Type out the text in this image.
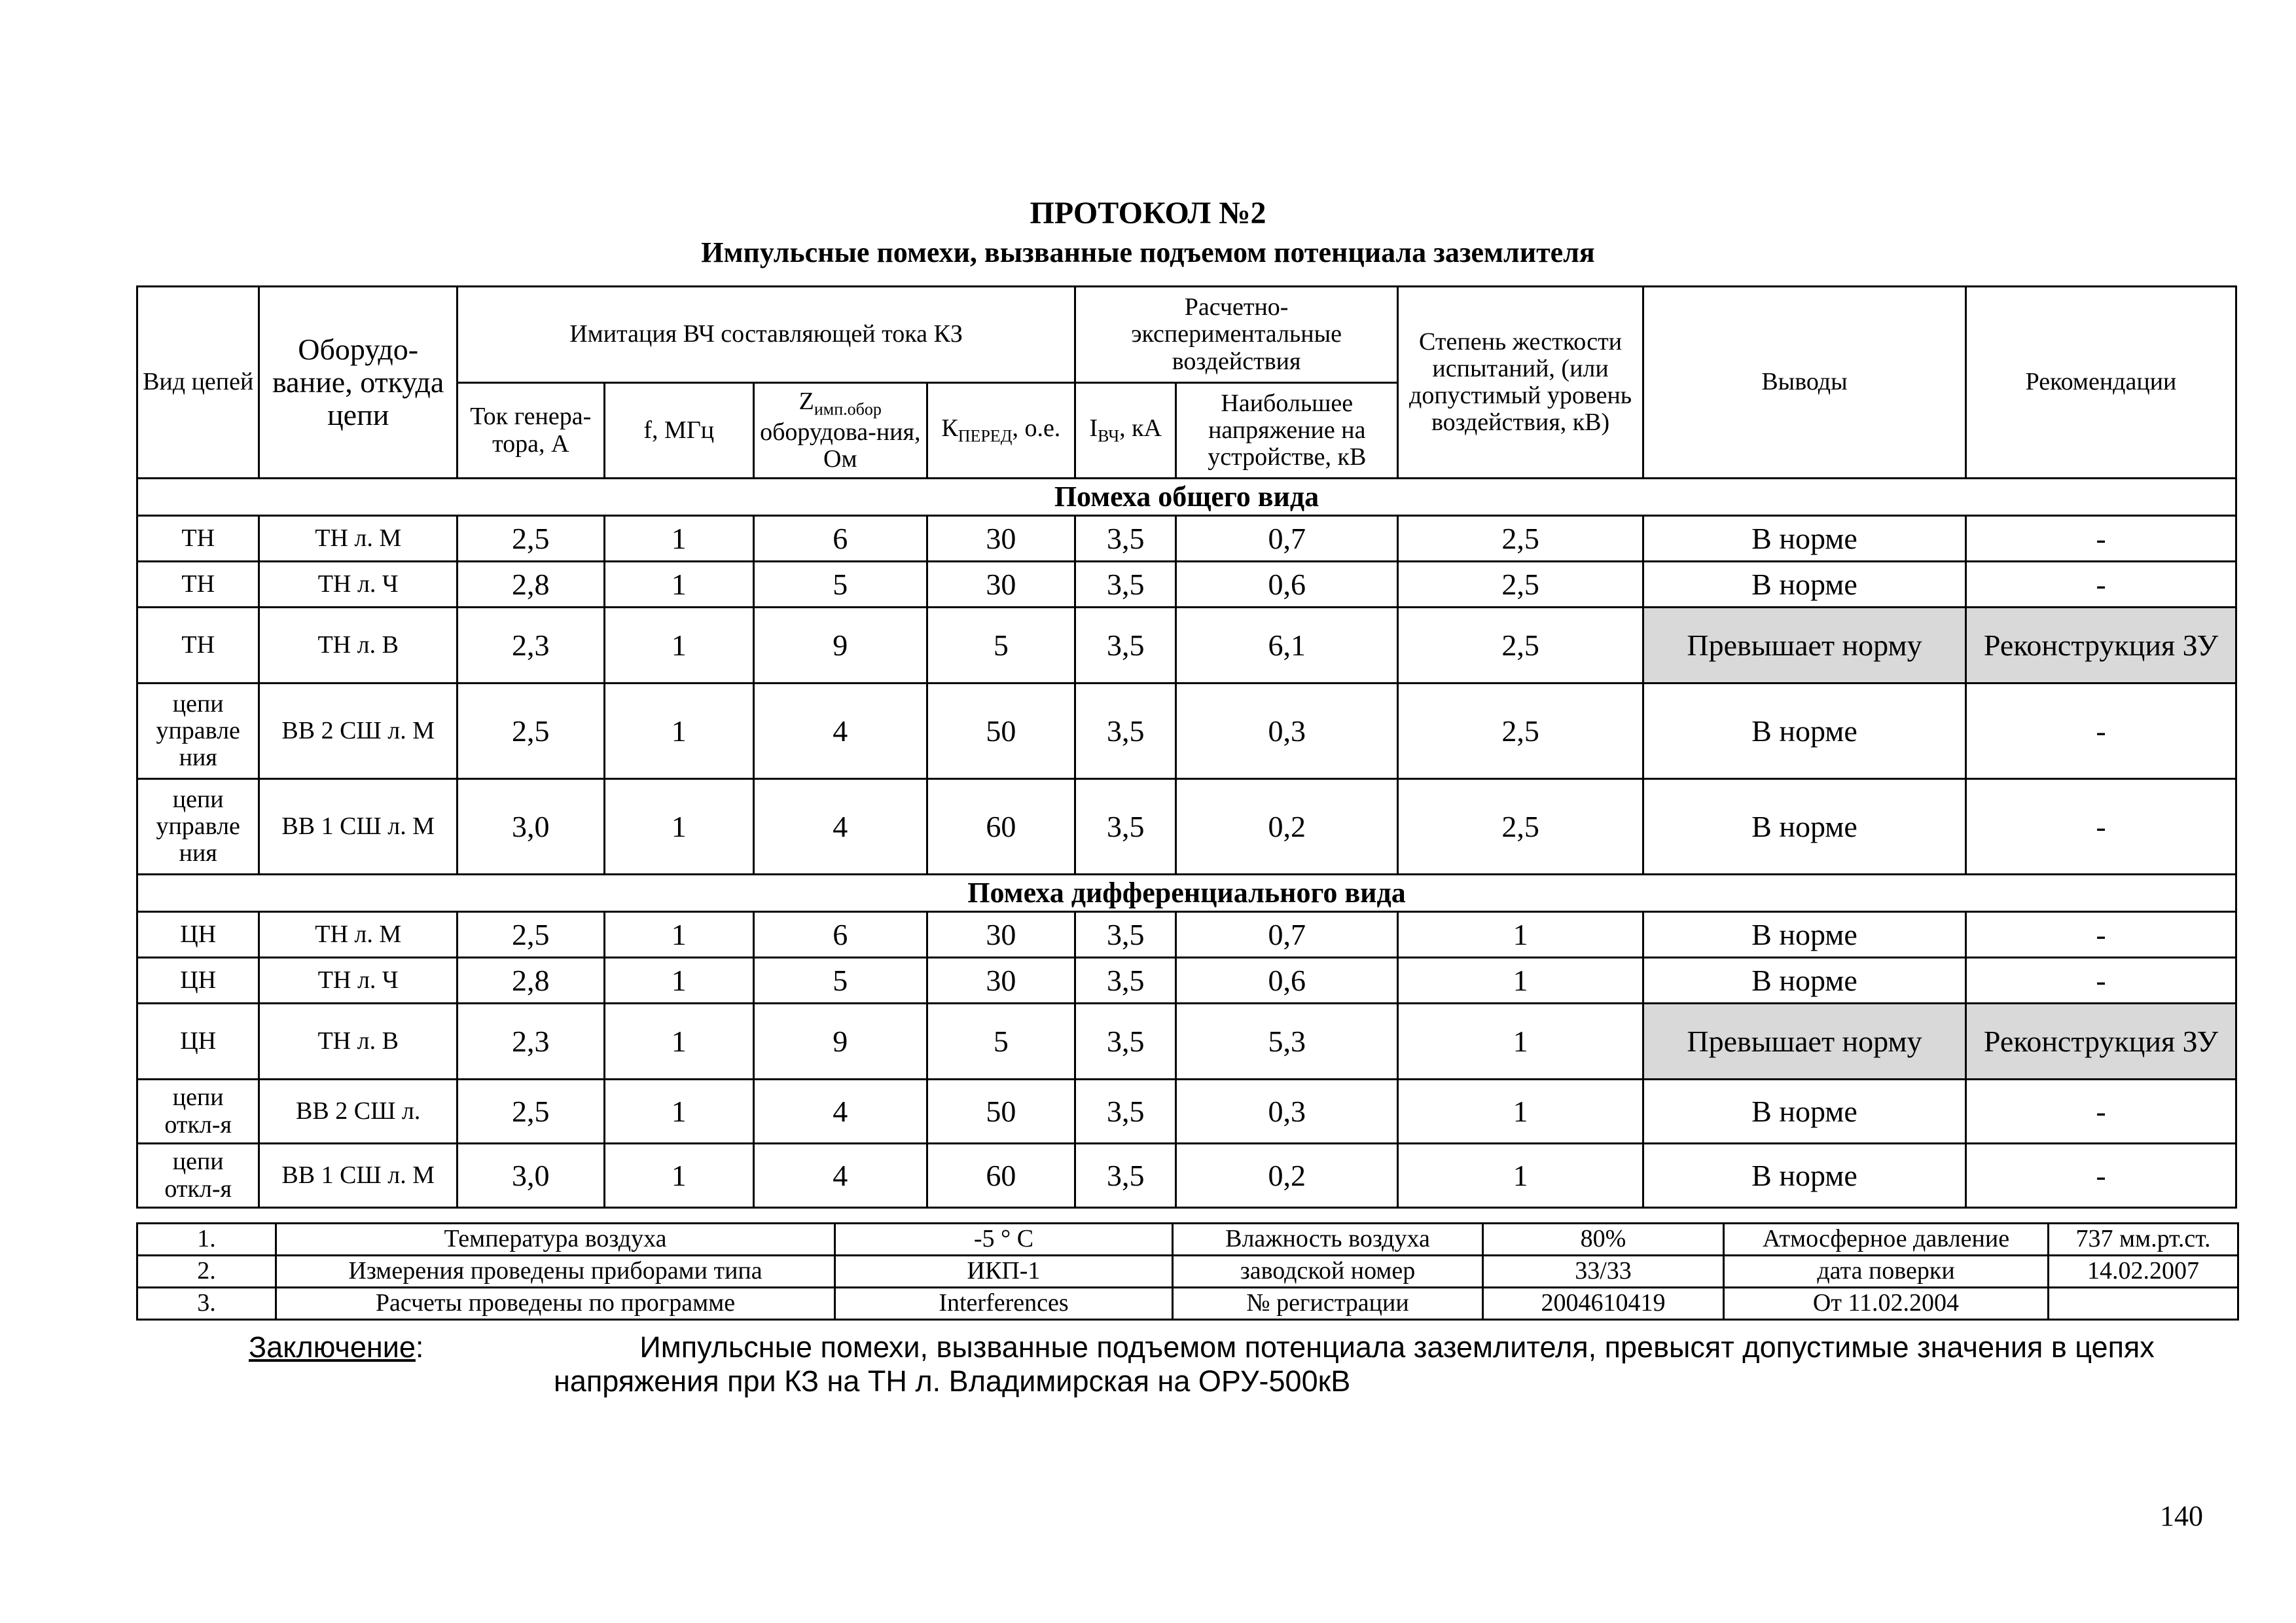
ПРОТОКОЛ №2
Импульсные помехи, вызванные подъемом потенциала заземлителя
Вид цепей	Оборудо-вание, откуда цепи	Имитация ВЧ составляющей тока КЗ				Расчетно-экспериментальные воздействия		Степень жесткости испытаний, (или допустимый уровень воздействия, кВ)	Выводы	Рекомендации
		Ток генера-тора, А	f, МГц	$Z_{имп.обор}$
оборудова-ния, Ом	$К_{ПЕРЕД}$, о.е.	$I_{ВЧ}$, кА	Наибольшее напряжение на устройстве, кВ			
Помеха общего вида										
ТН	ТН л. М	2,5	1	6	30	3,5	0,7	2,5	В норме	-
ТН	ТН л. Ч	2,8	1	5	30	3,5	0,6	2,5	В норме	-
ТН	ТН л. В	2,3	1	9	5	3,5	6,1	2,5	Превышает норму	Реконструкция ЗУ
цепи управле ния	ВВ 2 СШ л. М	2,5	1	4	50	3,5	0,3	2,5	В норме	-
цепи управле ния	ВВ 1 СШ л. М	3,0	1	4	60	3,5	0,2	2,5	В норме	-
Помеха дифференциального вида										
ЦН	ТН л. М	2,5	1	6	30	3,5	0,7	1	В норме	-
ЦН	ТН л. Ч	2,8	1	5	30	3,5	0,6	1	В норме	-
ЦН	ТН л. В	2,3	1	9	5	3,5	5,3	1	Превышает норму	Реконструкция ЗУ
цепи откл-я	ВВ 2 СШ л.	2,5	1	4	50	3,5	0,3	1	В норме	-
цепи откл-я	ВВ 1 СШ л. М	3,0	1	4	60	3,5	0,2	1	В норме	-
1.	Температура воздуха	-5 ° С	Влажность воздуха	80%	Атмосферное давление	737 мм.рт.ст.
2.	Измерения проведены приборами типа	ИКП-1	заводской номер	33/33	дата поверки	14.02.2007
3.	Расчеты проведены по программе	Interferences	№ регистрации	2004610419	От 11.02.2004	
Заключение:	Импульсные помехи, вызванные подъемом потенциала заземлителя, превысят допустимые значения в цепях
напряжения при КЗ на ТН л. Владимирская на ОРУ-500кВ
140
